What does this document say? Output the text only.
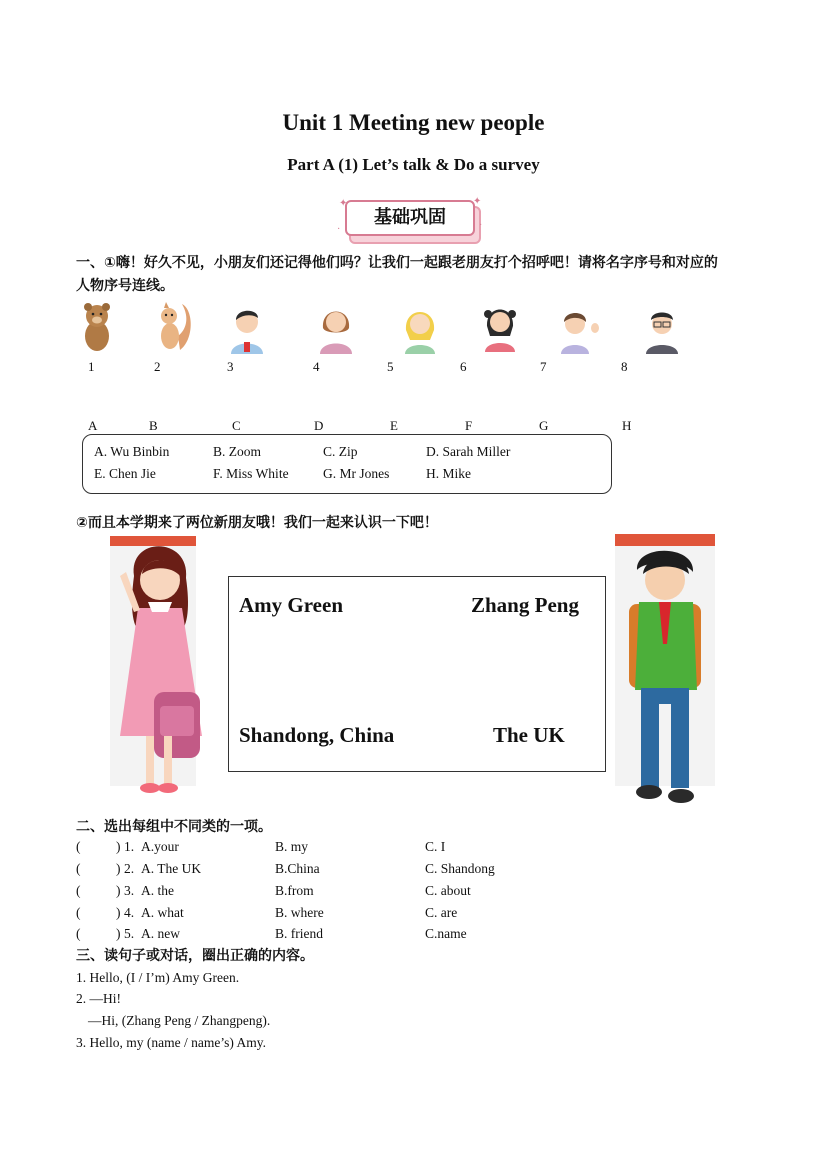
Unit 1 Meeting new people
Part A (1) Let’s talk & Do a survey
基础巩固
✦	✦
·	·
一、①嗨！好久不见，小朋友们还记得他们吗？让我们一起跟老朋友打个招呼吧！请将名字序号和对应的
人物序号连线。
1	2	3	4	5	6	7	8
A	B	C	D	E	F	G	H
A. Wu Binbin	B. Zoom	C. Zip	D. Sarah Miller
E. Chen Jie	F. Miss White	G. Mr Jones	H. Mike
②而且本学期来了两位新朋友哦！我们一起来认识一下吧！
Amy Green	Zhang Peng
Shandong, China	The UK
二、选出每组中不同类的一项。
(	) 1. A.your	B. my	C. I
(	) 2. A. The UK	B.China	C. Shandong
(	) 3. A. the	B.from	C. about
(	) 4. A. what	B. where	C. are
(	) 5. A. new	B. friend	C.name
三、读句子或对话，圈出正确的内容。
1. Hello, (I / I’m) Amy Green.
2. —Hi!
—Hi, (Zhang Peng / Zhangpeng).
3. Hello, my (name / name’s) Amy.
